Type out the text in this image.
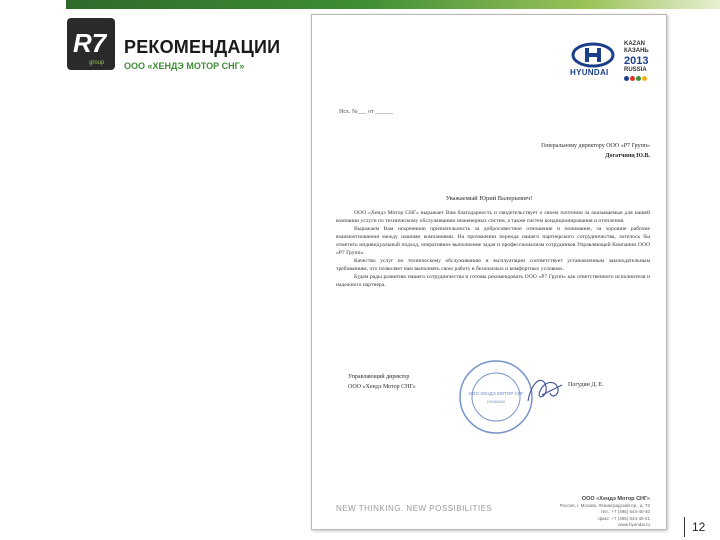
R7
group
РЕКОМЕНДАЦИИ

ООО «ХЕНДЭ МОТОР СНГ»

HYUNDAI
KAZAN КАЗАНЬ
2013
RUSSIA
Исх. №___ от ______
Генеральному директору ООО «Р7 Групп»
Догатчинц Ю.В.
Уважаемый Юрий Валерьевич!

ООО «Хендэ Мотор СНГ» выражает Вам благодарность и свидетельствует о своем почтении за оказываемые для нашей компании услуги по техническому обслуживанию инженерных систем, а также систем кондиционирования и отопления.

Выражаем Вам искреннюю признательность за добросовестное отношение и понимание, за хорошие рабочие взаимоотношения между нашими компаниями. На протяжении периода нашего партнерского сотрудничества, хотелось бы отметить индивидуальный подход, оперативное выполнение задач и профессионализм сотрудников Управляющей Компании ООО «Р7 Групп».

Качество услуг по техническому обслуживанию и эксплуатации соответствует установленным законодательным требованиям, что позволяет нам выполнять свою работу в безопасных и комфортных условиях.

Будем рады развитию нашего сотрудничества и готовы рекомендовать ООО «Р7 Групп» как ответственного исполнителя и надежного партнера.

Управляющий директор
ООО «Хендэ Мотор СНГ»
ООО ХЕНДЭ МОТОР СНГ
HYUNDAI
Погудин Д. Е.
NEW THINKING. NEW POSSIBILITIES
ООО «Хендэ Мотор СНГ»
Россия, г. Москва, Ленинградский пр., д. 72
тел.: +7 (495) 644-40-40
факс: +7 (495) 644-40-41
www.hyundai.ru	12
